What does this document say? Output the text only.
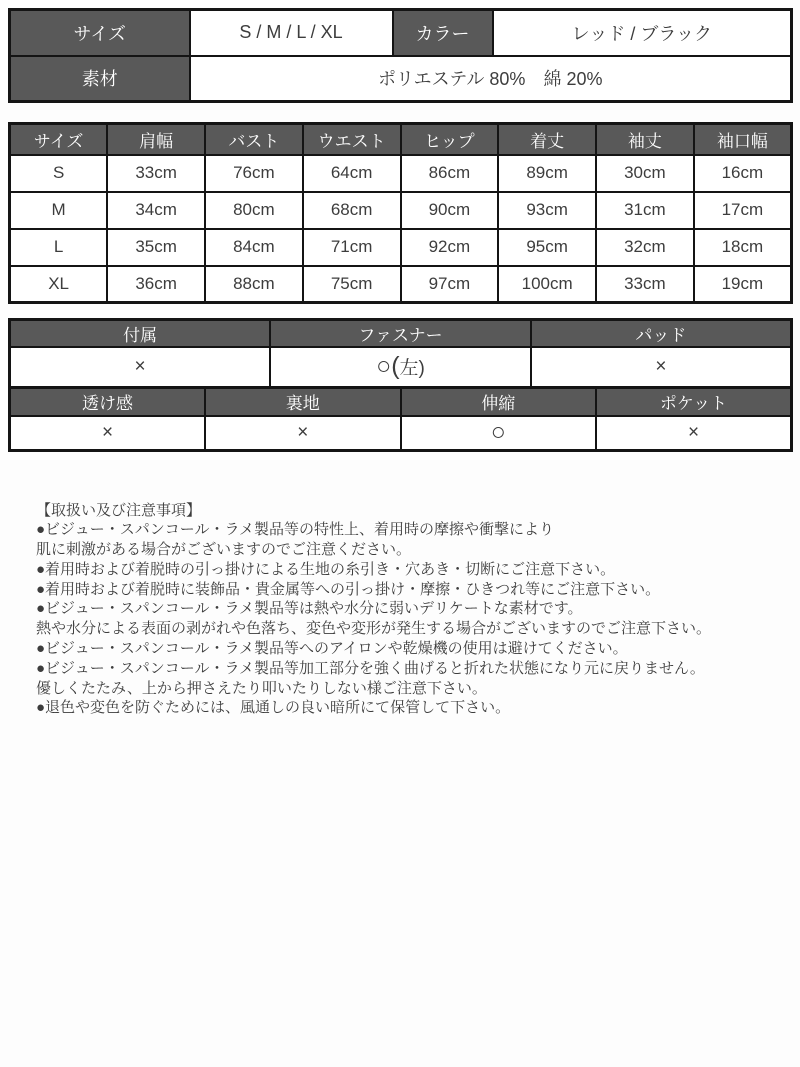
サイズ	S / M / L / XL	カラー	レッド / ブラック
素材	ポリエステル 80%　綿 20%		
サイズ	肩幅	バスト	ウエスト	ヒップ	着丈	袖丈	袖口幅
S	33cm	76cm	64cm	86cm	89cm	30cm	16cm
M	34cm	80cm	68cm	90cm	93cm	31cm	17cm
L	35cm	84cm	71cm	92cm	95cm	32cm	18cm
XL	36cm	88cm	75cm	97cm	100cm	33cm	19cm
付属	ファスナー	パッド
×	○(左)	×
透け感	裏地	伸縮	ポケット
×	×	○	×
【取扱い及び注意事項】
●ビジュー・スパンコール・ラメ製品等の特性上、着用時の摩擦や衝撃により
肌に刺激がある場合がございますのでご注意ください。
●着用時および着脱時の引っ掛けによる生地の糸引き・穴あき・切断にご注意下さい。
●着用時および着脱時に装飾品・貴金属等への引っ掛け・摩擦・ひきつれ等にご注意下さい。
●ビジュー・スパンコール・ラメ製品等は熱や水分に弱いデリケートな素材です。
熱や水分による表面の剥がれや色落ち、変色や変形が発生する場合がございますのでご注意下さい。
●ビジュー・スパンコール・ラメ製品等へのアイロンや乾燥機の使用は避けてください。
●ビジュー・スパンコール・ラメ製品等加工部分を強く曲げると折れた状態になり元に戻りません。
優しくたたみ、上から押さえたり叩いたりしない様ご注意下さい。
●退色や変色を防ぐためには、風通しの良い暗所にて保管して下さい。
